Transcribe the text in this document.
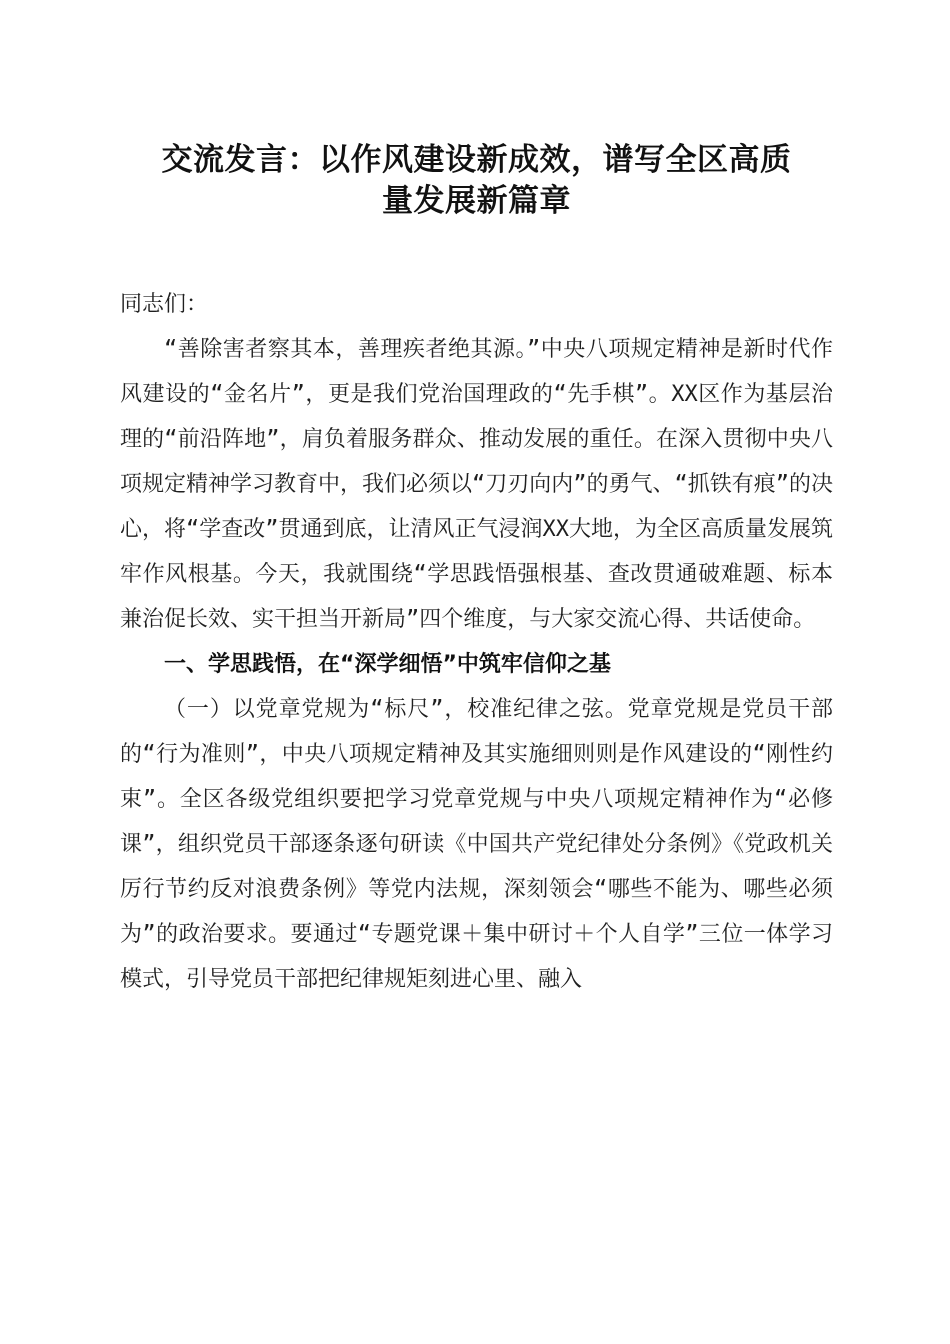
交流发言：以作风建设新成效，谱写全区高质
量发展新篇章
同志们：

“善除害者察其本，善理疾者绝其源。”中央八项规定精神是新时代作风建设的“金名片”，更是我们党治国理政的“先手棋”。XX区作为基层治理的“前沿阵地”，肩负着服务群众、推动发展的重任。在深入贯彻中央八项规定精神学习教育中，我们必须以“刀刃向内”的勇气、“抓铁有痕”的决心，将“学查改”贯通到底，让清风正气浸润XX大地，为全区高质量发展筑牢作风根基。今天，我就围绕“学思践悟强根基、查改贯通破难题、标本兼治促长效、实干担当开新局”四个维度，与大家交流心得、共话使命。

一、学思践悟，在“深学细悟”中筑牢信仰之基

（一）以党章党规为“标尺”，校准纪律之弦。党章党规是党员干部的“行为准则”，中央八项规定精神及其实施细则则是作风建设的“刚性约束”。全区各级党组织要把学习党章党规与中央八项规定精神作为“必修课”，组织党员干部逐条逐句研读《中国共产党纪律处分条例》《党政机关厉行节约反对浪费条例》等党内法规，深刻领会“哪些不能为、哪些必须为”的政治要求。要通过“专题党课＋集中研讨＋个人自学”三位一体学习模式，引导党员干部把纪律规矩刻进心里、融入
